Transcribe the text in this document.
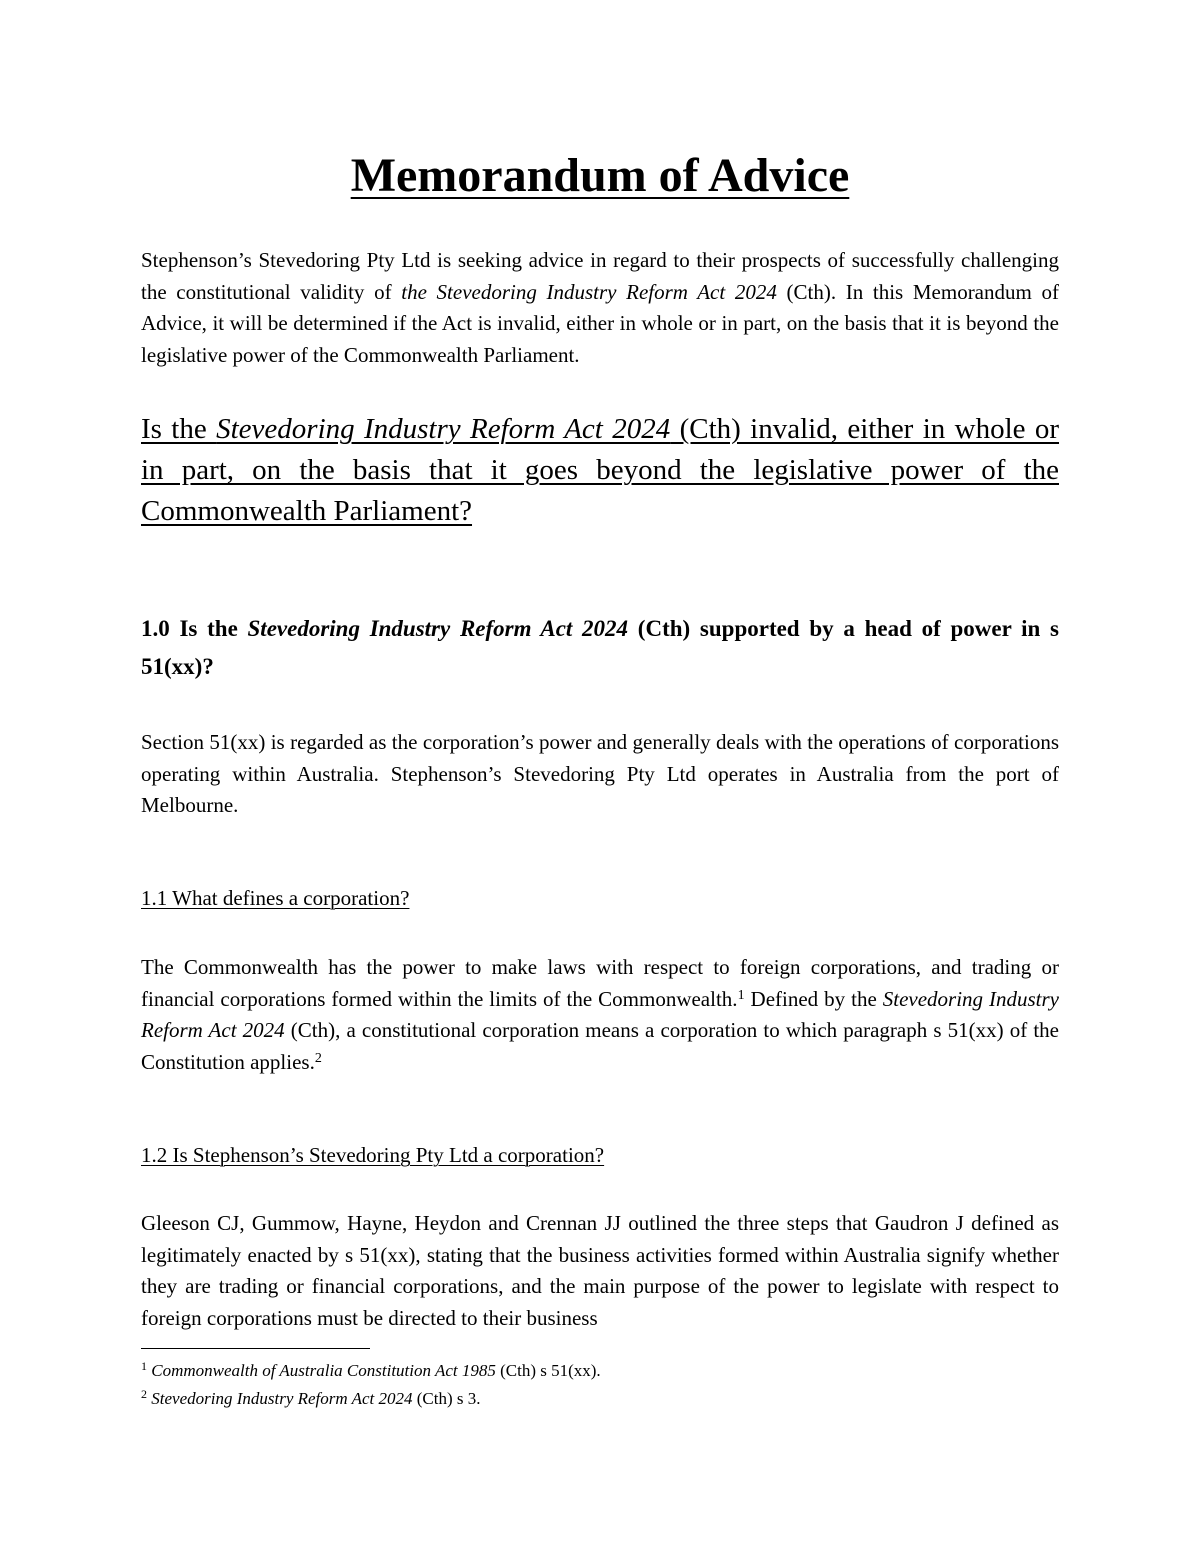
Memorandum of Advice
Stephenson’s Stevedoring Pty Ltd is seeking advice in regard to their prospects of successfully challenging the constitutional validity of the Stevedoring Industry Reform Act 2024 (Cth). In this Memorandum of Advice, it will be determined if the Act is invalid, either in whole or in part, on the basis that it is beyond the legislative power of the Commonwealth Parliament.
Is the Stevedoring Industry Reform Act 2024 (Cth) invalid, either in whole or in part, on the basis that it goes beyond the legislative power of the Commonwealth Parliament?
1.0 Is the Stevedoring Industry Reform Act 2024 (Cth) supported by a head of power in s 51(xx)?
Section 51(xx) is regarded as the corporation’s power and generally deals with the operations of corporations operating within Australia. Stephenson’s Stevedoring Pty Ltd operates in Australia from the port of Melbourne.
1.1 What defines a corporation?
The Commonwealth has the power to make laws with respect to foreign corporations, and trading or financial corporations formed within the limits of the Commonwealth.$^1$ Defined by the Stevedoring Industry Reform Act 2024 (Cth), a constitutional corporation means a corporation to which paragraph s 51(xx) of the Constitution applies.$^2$
1.2 Is Stephenson’s Stevedoring Pty Ltd a corporation?
Gleeson CJ, Gummow, Hayne, Heydon and Crennan JJ outlined the three steps that Gaudron J defined as legitimately enacted by s 51(xx), stating that the business activities formed within Australia signify whether they are trading or financial corporations, and the main purpose of the power to legislate with respect to foreign corporations must be directed to their business
$^1$ Commonwealth of Australia Constitution Act 1985 (Cth) s 51(xx).
$^2$ Stevedoring Industry Reform Act 2024 (Cth) s 3.
